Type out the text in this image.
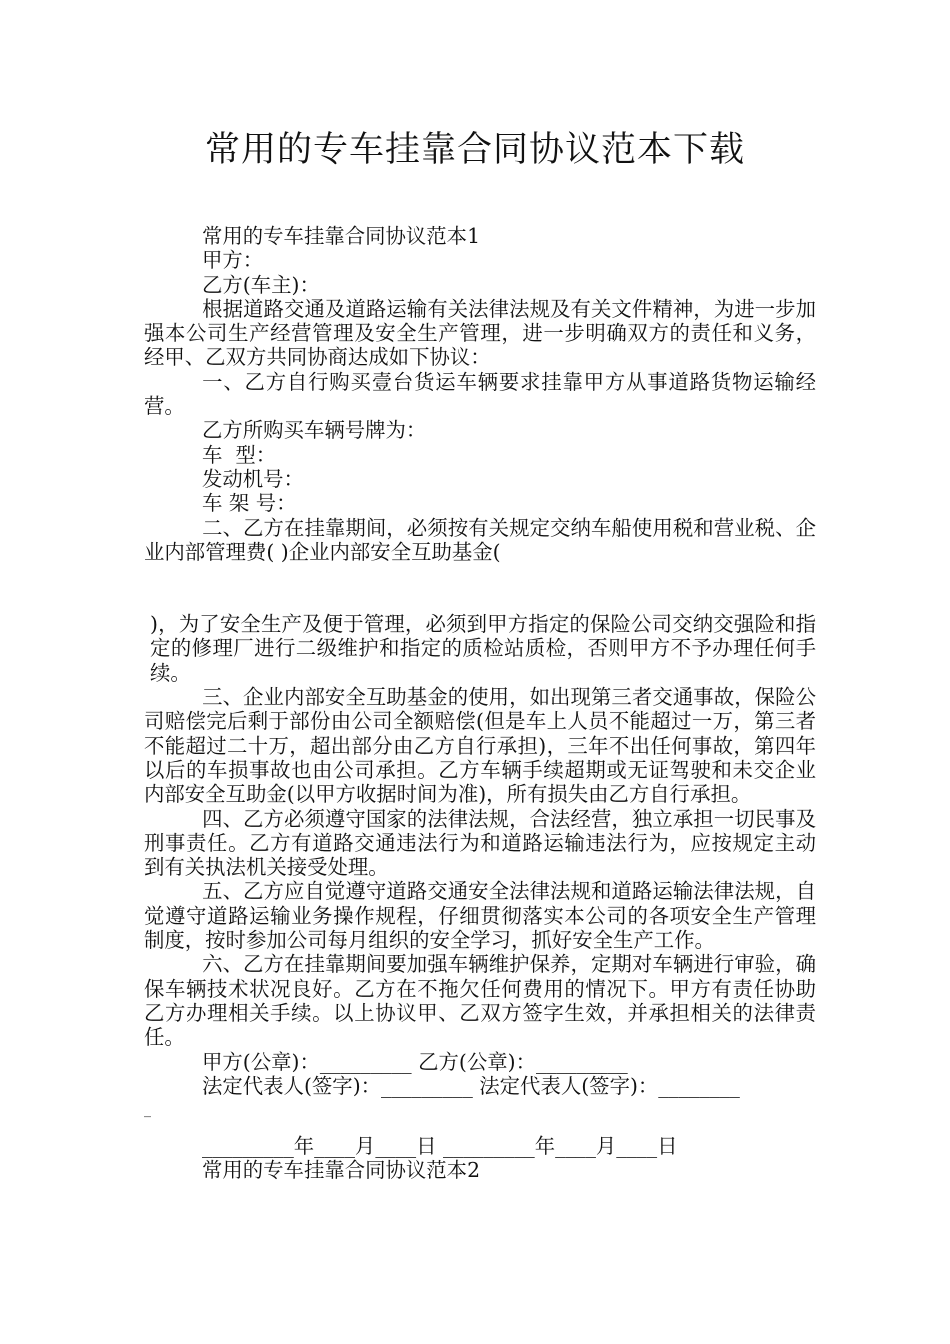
常用的专车挂靠合同协议范本下载

常用的专车挂靠合同协议范本1

甲方：

乙方(车主)：

根据道路交通及道路运输有关法律法规及有关文件精神，为进一步加强本公司生产经营管理及安全生产管理，进一步明确双方的责任和义务，经甲、乙双方共同协商达成如下协议：

一、乙方自行购买壹台货运车辆要求挂靠甲方从事道路货物运输经营。

乙方所购买车辆号牌为：

车  型：

发动机号：

车 架 号：

二、乙方在挂靠期间，必须按有关规定交纳车船使用税和营业税、企业内部管理费( )企业内部安全互助基金(

)，为了安全生产及便于管理，必须到甲方指定的保险公司交纳交强险和指定的修理厂进行二级维护和指定的质检站质检，否则甲方不予办理任何手续。

三、企业内部安全互助基金的使用，如出现第三者交通事故，保险公司赔偿完后剩于部份由公司全额赔偿(但是车上人员不能超过一万，第三者不能超过二十万，超出部分由乙方自行承担)，三年不出任何事故，第四年以后的车损事故也由公司承担。乙方车辆手续超期或无证驾驶和未交企业内部安全互助金(以甲方收据时间为准)，所有损失由乙方自行承担。

四、乙方必须遵守国家的法律法规，合法经营，独立承担一切民事及刑事责任。乙方有道路交通违法行为和道路运输违法行为，应按规定主动到有关执法机关接受处理。

五、乙方应自觉遵守道路交通安全法律法规和道路运输法律法规，自觉遵守道路运输业务操作规程，仔细贯彻落实本公司的各项安全生产管理制度，按时参加公司每月组织的安全学习，抓好安全生产工作。

六、乙方在挂靠期间要加强车辆维护保养，定期对车辆进行审验，确保车辆技术状况良好。乙方在不拖欠任何费用的情况下。甲方有责任协助乙方办理相关手续。以上协议甲、乙双方签字生效，并承担相关的法律责任。

甲方(公章)：_________ 乙方(公章)：_________

法定代表人(签字)：_________ 法定代表人(签字)：________

_

_________年____月____日 _________年____月____日

常用的专车挂靠合同协议范本2
